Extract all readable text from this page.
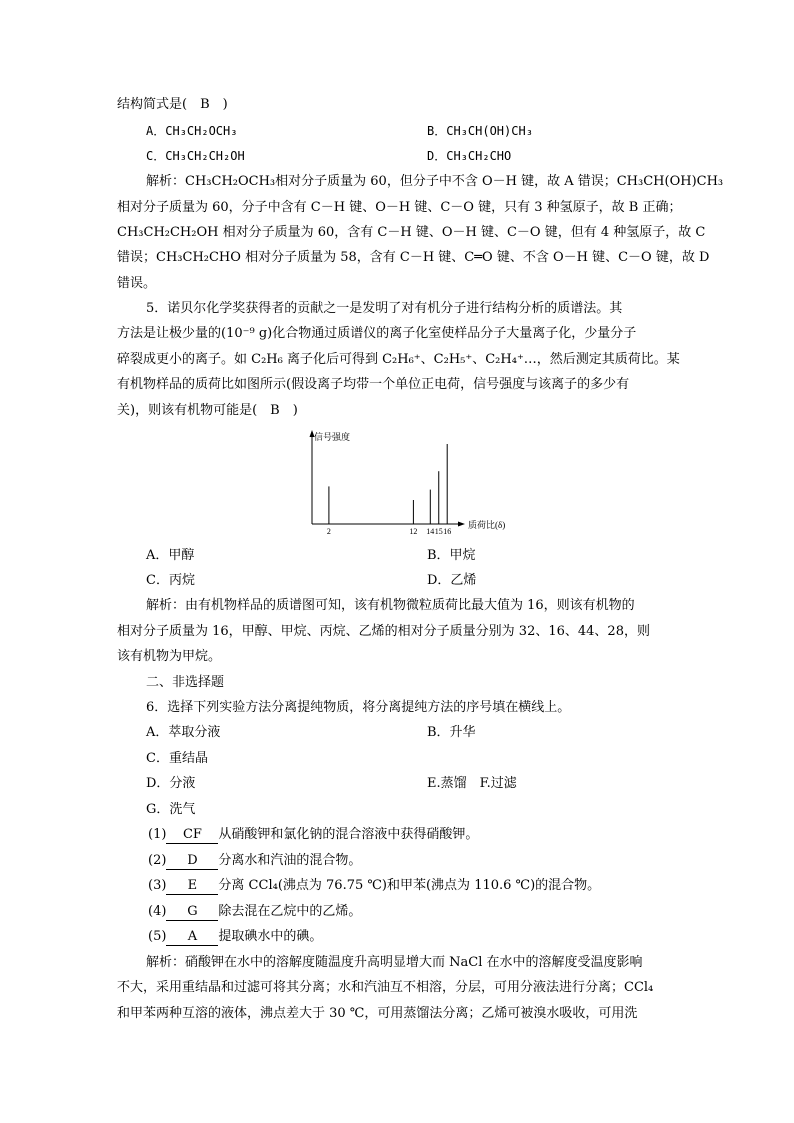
结构简式是(　B　)
A．CH₃CH₂OCH₃	B．CH₃CH(OH)CH₃
C．CH₃CH₂CH₂OH	D．CH₃CH₂CHO
解析：CH₃CH₂OCH₃相对分子质量为 60，但分子中不含 O－H 键，故 A 错误；CH₃CH(OH)CH₃
相对分子质量为 60，分子中含有 C－H 键、O－H 键、C－O 键，只有 3 种氢原子，故 B 正确；
CH₃CH₂CH₂OH 相对分子质量为 60，含有 C－H 键、O－H 键、C－O 键，但有 4 种氢原子，故 C
错误；CH₃CH₂CHO 相对分子质量为 58，含有 C－H 键、C═O 键、不含 O－H 键、C－O 键，故 D
错误。
5．诺贝尔化学奖获得者的贡献之一是发明了对有机分子进行结构分析的质谱法。其
方法是让极少量的(10⁻⁹ g)化合物通过质谱仪的离子化室使样品分子大量离子化，少量分子
碎裂成更小的离子。如 C₂H₆ 离子化后可得到 C₂H₆⁺、C₂H₅⁺、C₂H₄⁺…，然后测定其质荷比。某
有机物样品的质荷比如图所示(假设离子均带一个单位正电荷，信号强度与该离子的多少有
关)，则该有机物可能是(　B　)
信号强度
质荷比(δ)
2	12 14 15 16
A．甲醇	B．甲烷
C．丙烷	D．乙烯
解析：由有机物样品的质谱图可知，该有机物微粒质荷比最大值为 16，则该有机物的
相对分子质量为 16，甲醇、甲烷、丙烷、乙烯的相对分子质量分别为 32、16、44、28，则
该有机物为甲烷。
二、非选择题
6．选择下列实验方法分离提纯物质，将分离提纯方法的序号填在横线上。
A．萃取分液	B．升华
C．重结晶
D．分液	E.蒸馏　F.过滤
G．洗气
(1) CF 从硝酸钾和氯化钠的混合溶液中获得硝酸钾。
(2) D 分离水和汽油的混合物。
(3) E 分离 CCl₄(沸点为 76.75 ℃)和甲苯(沸点为 110.6 ℃)的混合物。
(4) G 除去混在乙烷中的乙烯。
(5) A 提取碘水中的碘。
解析：硝酸钾在水中的溶解度随温度升高明显增大而 NaCl 在水中的溶解度受温度影响
不大，采用重结晶和过滤可将其分离；水和汽油互不相溶，分层，可用分液法进行分离；CCl₄
和甲苯两种互溶的液体，沸点差大于 30 ℃，可用蒸馏法分离；乙烯可被溴水吸收，可用洗
